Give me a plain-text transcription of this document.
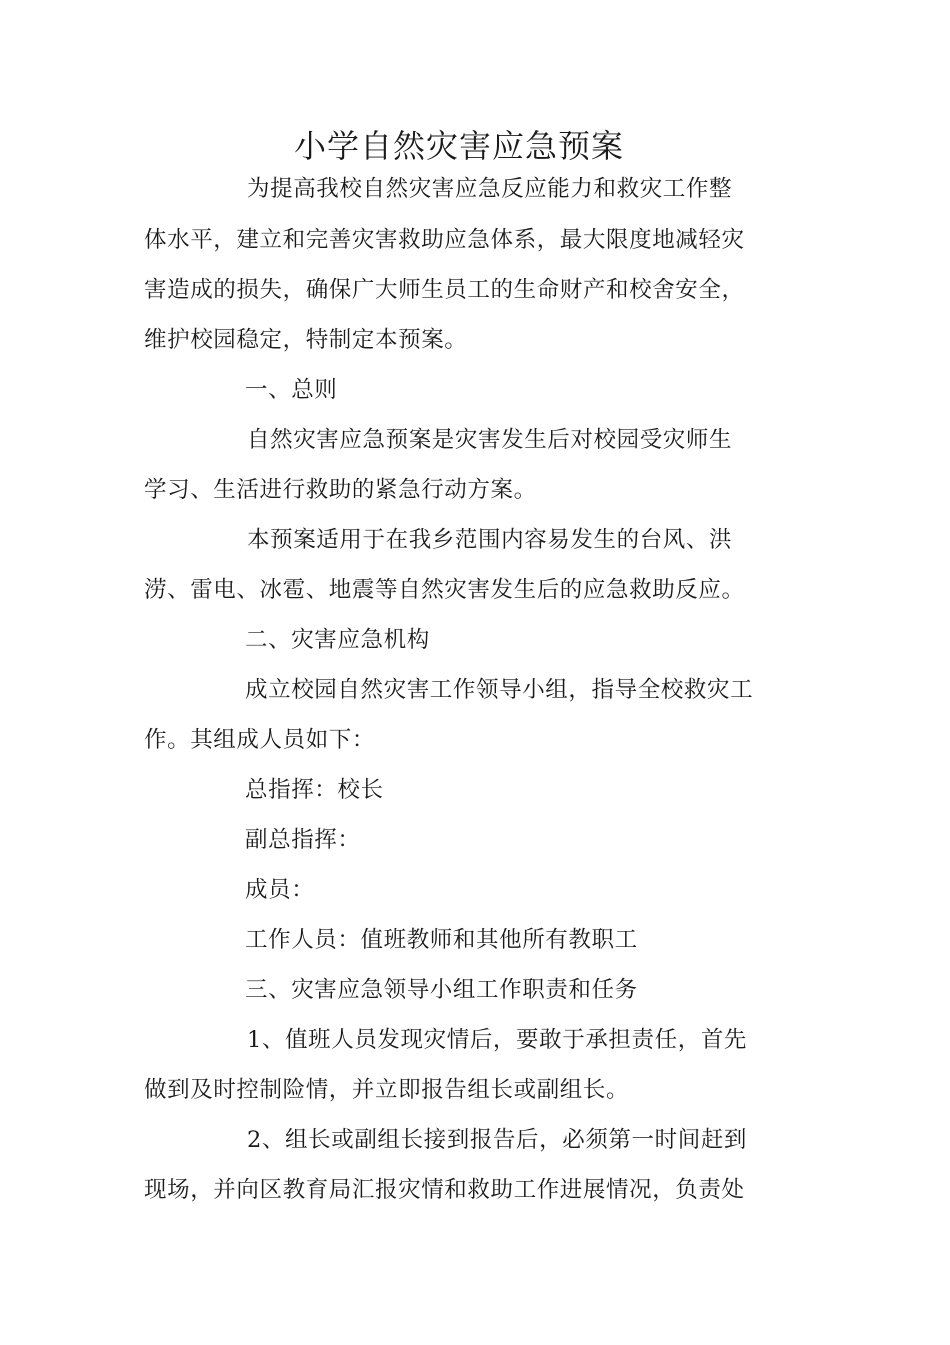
小学自然灾害应急预案
为提高我校自然灾害应急反应能力和救灾工作整
体水平，建立和完善灾害救助应急体系，最大限度地减轻灾
害造成的损失，确保广大师生员工的生命财产和校舍安全，
维护校园稳定，特制定本预案。
一、总则
自然灾害应急预案是灾害发生后对校园受灾师生
学习、生活进行救助的紧急行动方案。
本预案适用于在我乡范围内容易发生的台风、洪
涝、雷电、冰雹、地震等自然灾害发生后的应急救助反应。
二、灾害应急机构
成立校园自然灾害工作领导小组，指导全校救灾工
作。其组成人员如下：
总指挥：校长
副总指挥：
成员：
工作人员：值班教师和其他所有教职工
三、灾害应急领导小组工作职责和任务
1、值班人员发现灾情后，要敢于承担责任，首先
做到及时控制险情，并立即报告组长或副组长。
2、组长或副组长接到报告后，必须第一时间赶到
现场，并向区教育局汇报灾情和救助工作进展情况，负责处
